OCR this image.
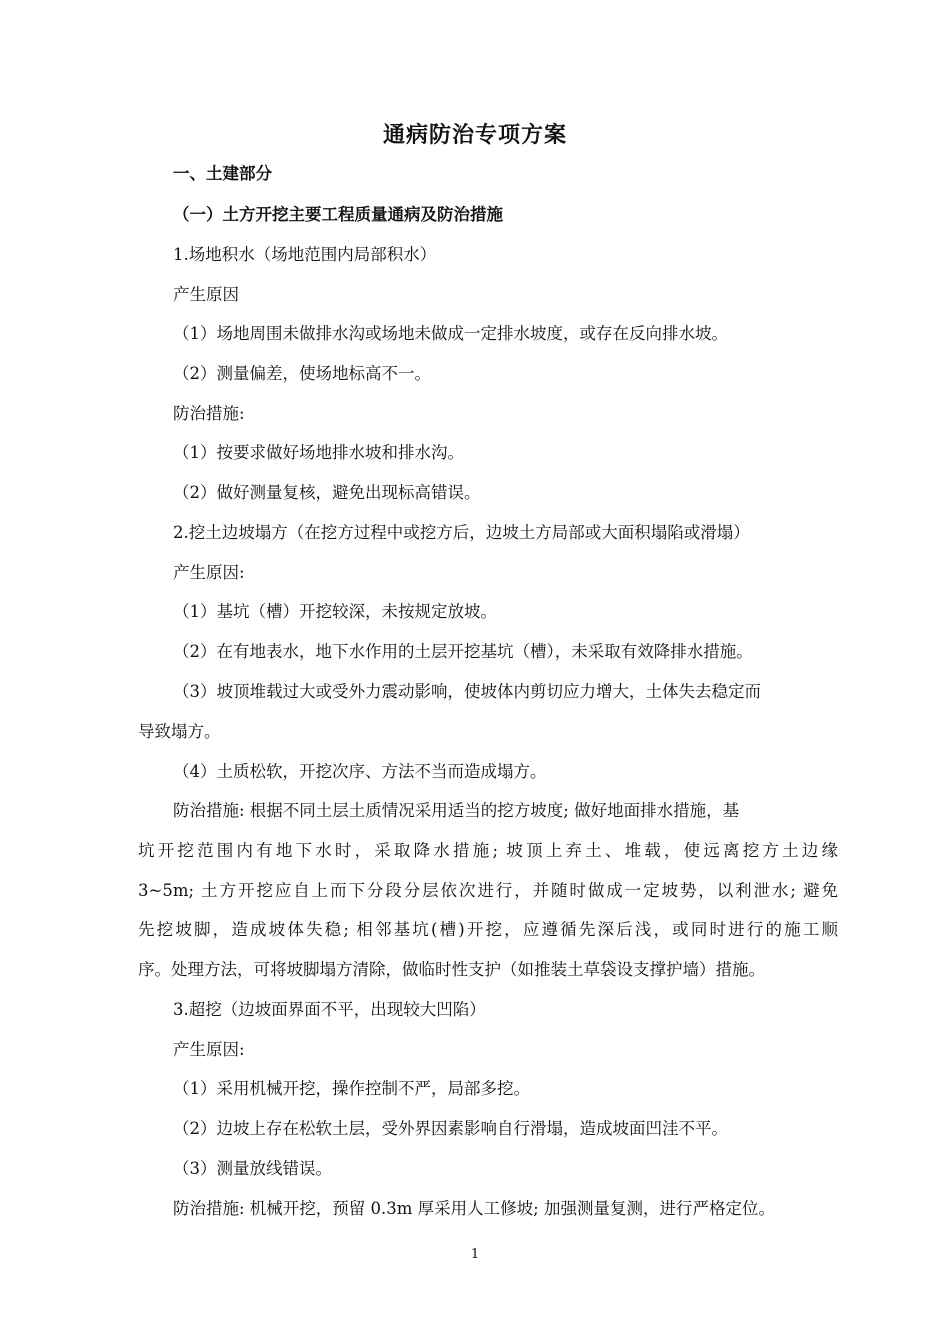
通病防治专项方案
一、土建部分
（一）土方开挖主要工程质量通病及防治措施
1.场地积水（场地范围内局部积水）
产生原因
（1）场地周围未做排水沟或场地未做成一定排水坡度，或存在反向排水坡。
（2）测量偏差，使场地标高不一。
防治措施:
（1）按要求做好场地排水坡和排水沟。
（2）做好测量复核，避免出现标高错误。
2.挖土边坡塌方（在挖方过程中或挖方后，边坡土方局部或大面积塌陷或滑塌）
产生原因:
（1）基坑（槽）开挖较深，未按规定放坡。
（2）在有地表水，地下水作用的土层开挖基坑（槽），未采取有效降排水措施。
（3）坡顶堆载过大或受外力震动影响，使坡体内剪切应力增大，土体失去稳定而
导致塌方。
（4）土质松软，开挖次序、方法不当而造成塌方。
防治措施: 根据不同土层土质情况采用适当的挖方坡度; 做好地面排水措施，基
坑开挖范围内有地下水时，采取降水措施; 坡顶上弃土、堆载，使远离挖方土边缘
3~5m; 土方开挖应自上而下分段分层依次进行，并随时做成一定坡势，以利泄水; 避免
先挖坡脚，造成坡体失稳; 相邻基坑(槽)开挖，应遵循先深后浅，或同时进行的施工顺
序。处理方法，可将坡脚塌方清除，做临时性支护（如推装土草袋设支撑护墙）措施。
3.超挖（边坡面界面不平，出现较大凹陷）
产生原因:
（1）采用机械开挖，操作控制不严，局部多挖。
（2）边坡上存在松软土层，受外界因素影响自行滑塌，造成坡面凹洼不平。
（3）测量放线错误。
防治措施: 机械开挖，预留 0.3m 厚采用人工修坡; 加强测量复测，进行严格定位。
1
